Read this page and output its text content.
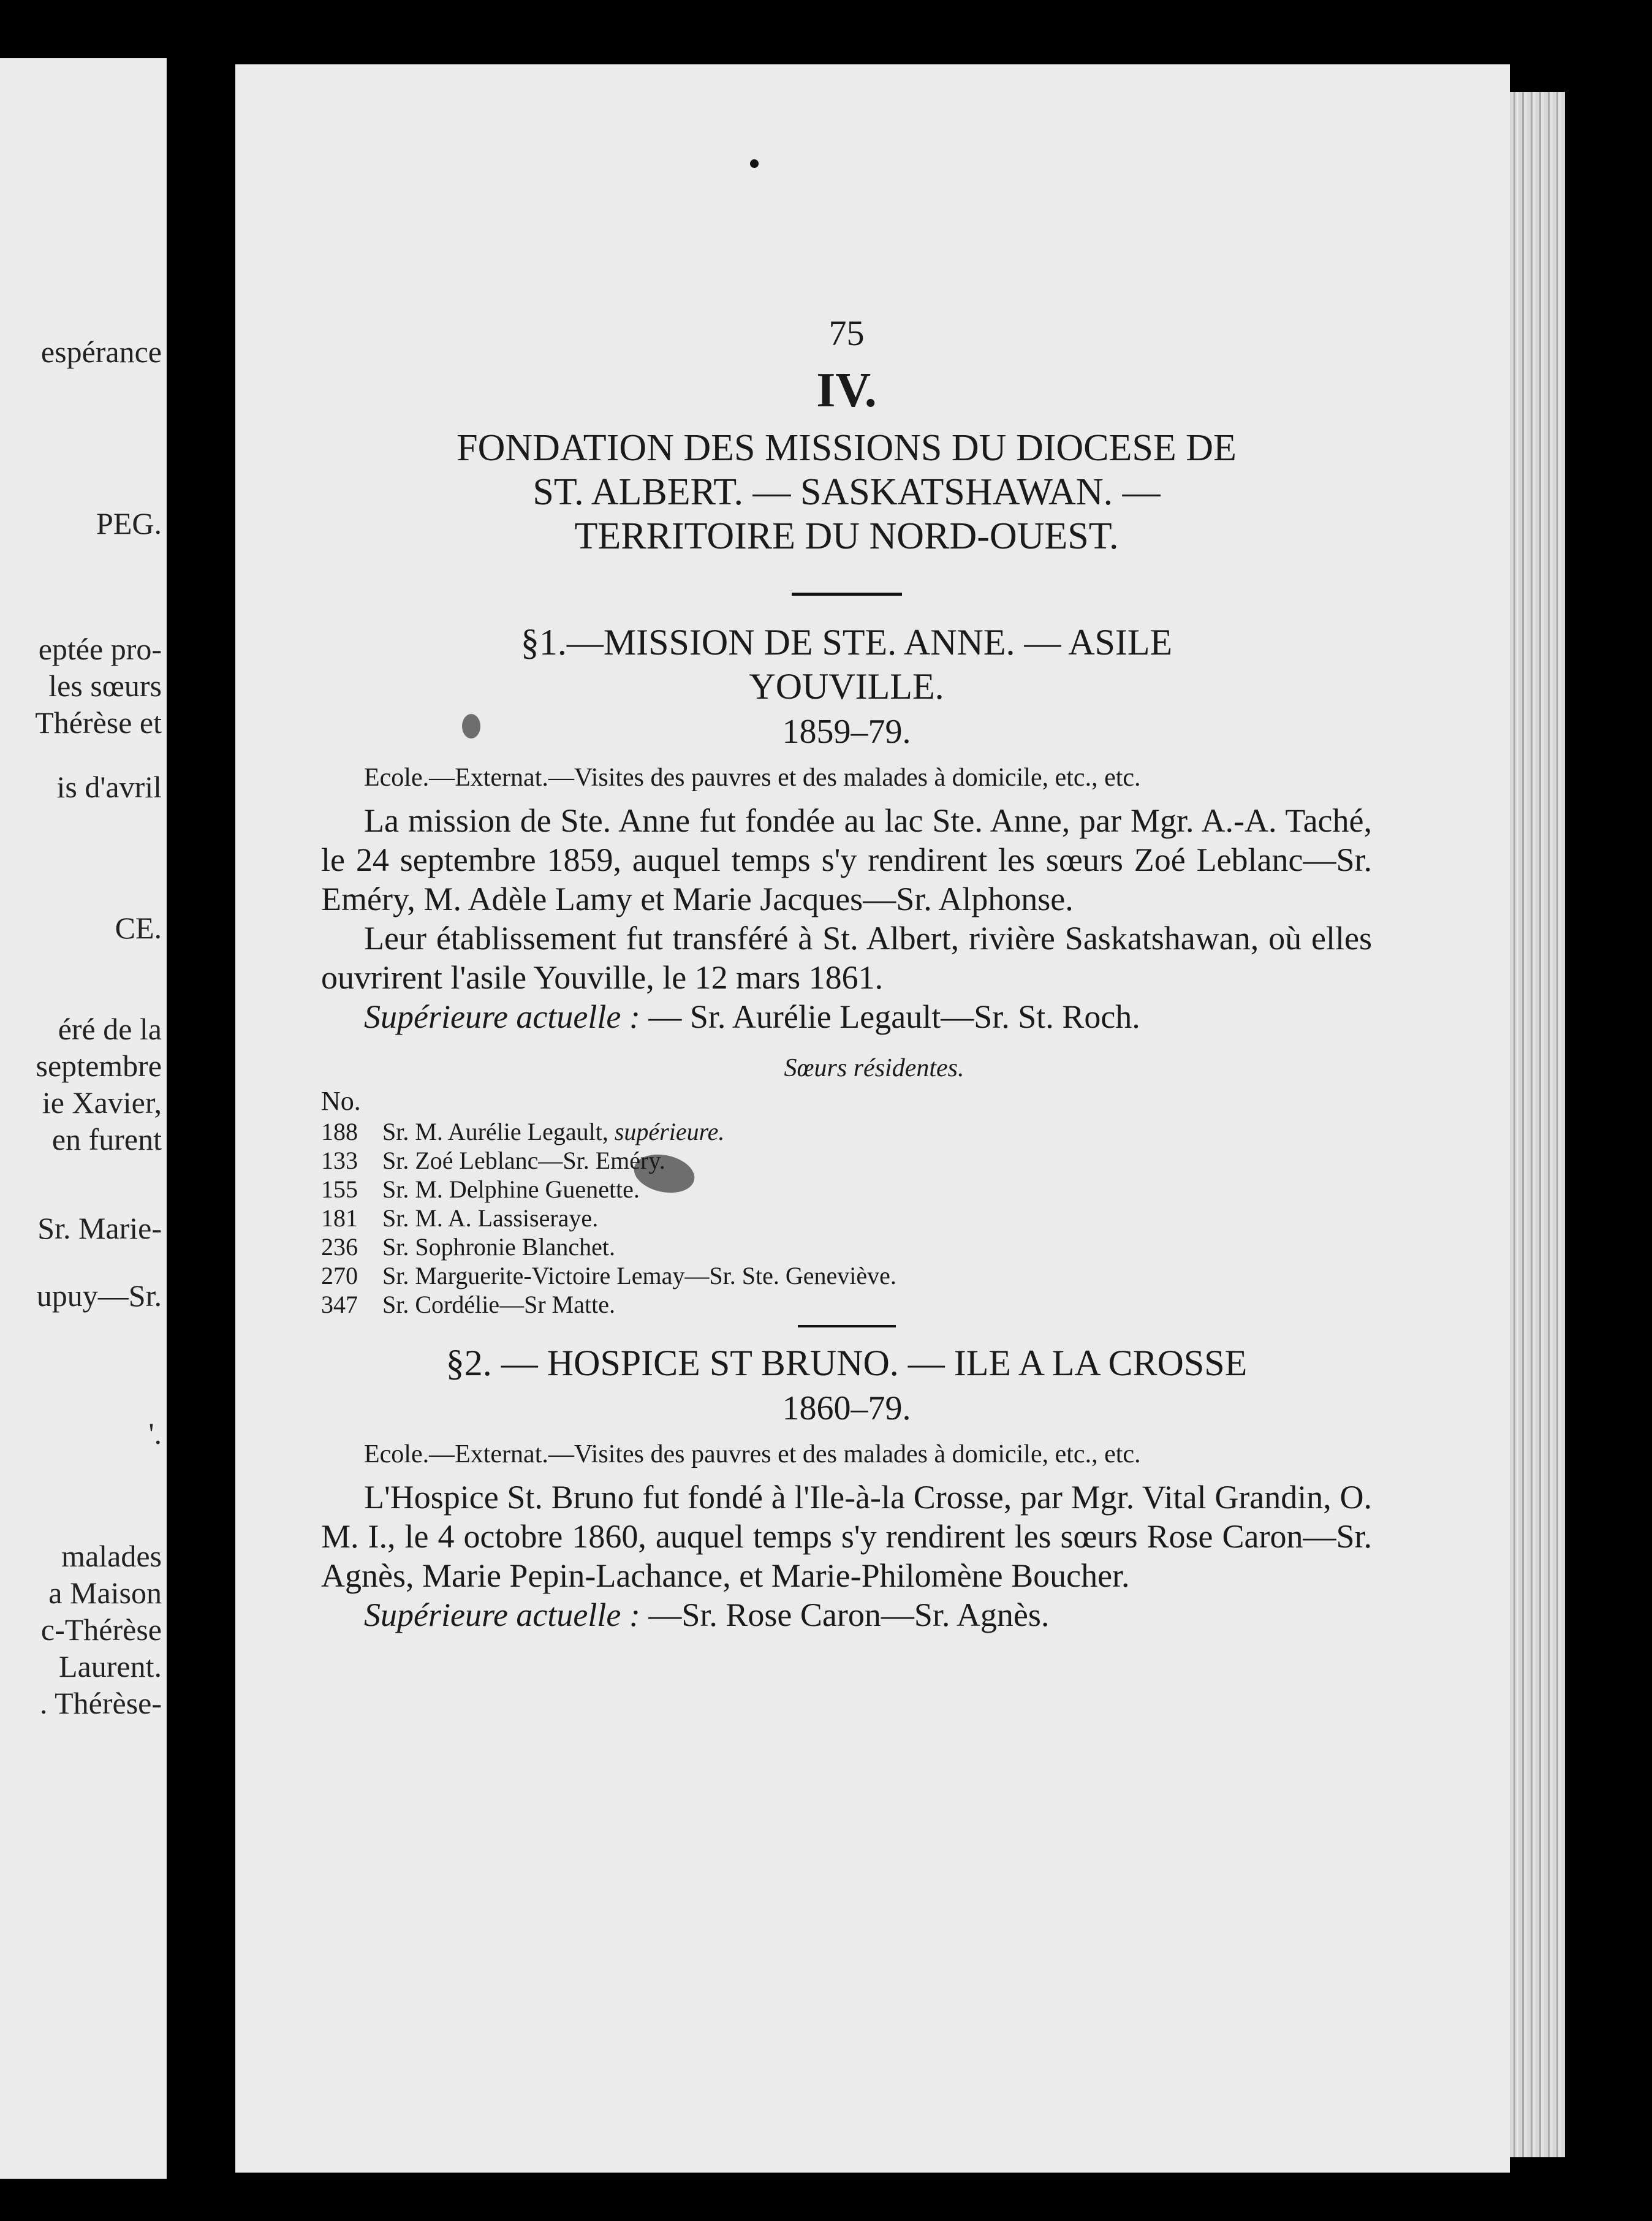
espérance
PEG.
eptée pro-
les sœurs
Thérèse et
is d'avril
CE.
éré de la
septembre
ie Xavier,
en furent
Sr. Marie-
upuy—Sr.
'.
malades
a Maison
c-Thérèse
Laurent.
. Thérèse-
75
IV.
FONDATION DES MISSIONS DU DIOCESE DE
ST. ALBERT. — SASKATSHAWAN. —
TERRITOIRE DU NORD-OUEST.
§1.—MISSION DE STE. ANNE. — ASILE
YOUVILLE.
1859–79.

Ecole.—Externat.—Visites des pauvres et des malades à domicile, etc., etc.

La mission de Ste. Anne fut fondée au lac Ste. Anne, par Mgr. A.-A. Taché, le 24 septembre 1859, auquel temps s'y rendirent les sœurs Zoé Leblanc—Sr. Eméry, M. Adèle Lamy et Marie Jacques—Sr. Alphonse.

Leur établissement fut transféré à St. Albert, rivière Saskatshawan, où elles ouvrirent l'asile Youville, le 12 mars 1861.

Supérieure actuelle : — Sr. Aurélie Legault—Sr. St. Roch.

Sœurs résidentes.
No.
188 Sr. M. Aurélie Legault, supérieure.
133 Sr. Zoé Leblanc—Sr. Eméry.
155 Sr. M. Delphine Guenette.
181 Sr. M. A. Lassiseraye.
236 Sr. Sophronie Blanchet.
270 Sr. Marguerite-Victoire Lemay—Sr. Ste. Geneviève.
347 Sr. Cordélie—Sr Matte.
§2. — HOSPICE ST BRUNO. — ILE A LA CROSSE
1860–79.

Ecole.—Externat.—Visites des pauvres et des malades à domicile, etc., etc.

L'Hospice St. Bruno fut fondé à l'Ile-à-la Crosse, par Mgr. Vital Grandin, O. M. I., le 4 octobre 1860, auquel temps s'y rendirent les sœurs Rose Caron—Sr. Agnès, Marie Pepin-Lachance, et Marie-Philomène Boucher.

Supérieure actuelle : —Sr. Rose Caron—Sr. Agnès.
